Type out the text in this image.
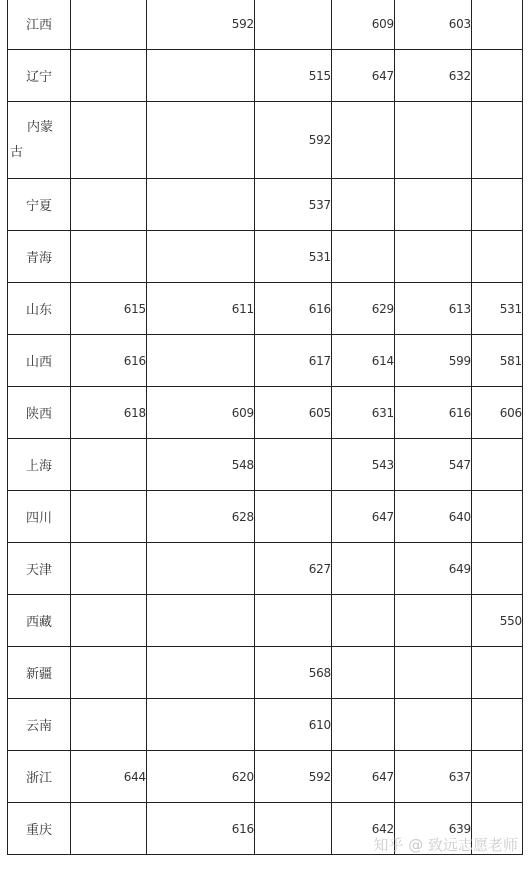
江西		592		609	603	
辽宁			515	647	632	

内蒙
古			592			
宁夏			537			
青海			531			
山东	615	611	616	629	613	531
山西	616		617	614	599	581
陕西	618	609	605	631	616	606
上海		548		543	547	
四川		628		647	640	
天津			627		649	
西藏						550
新疆			568			
云南			610			
浙江	644	620	592	647	637	
重庆		616		642	639	
知乎 @ 致远志愿老师
